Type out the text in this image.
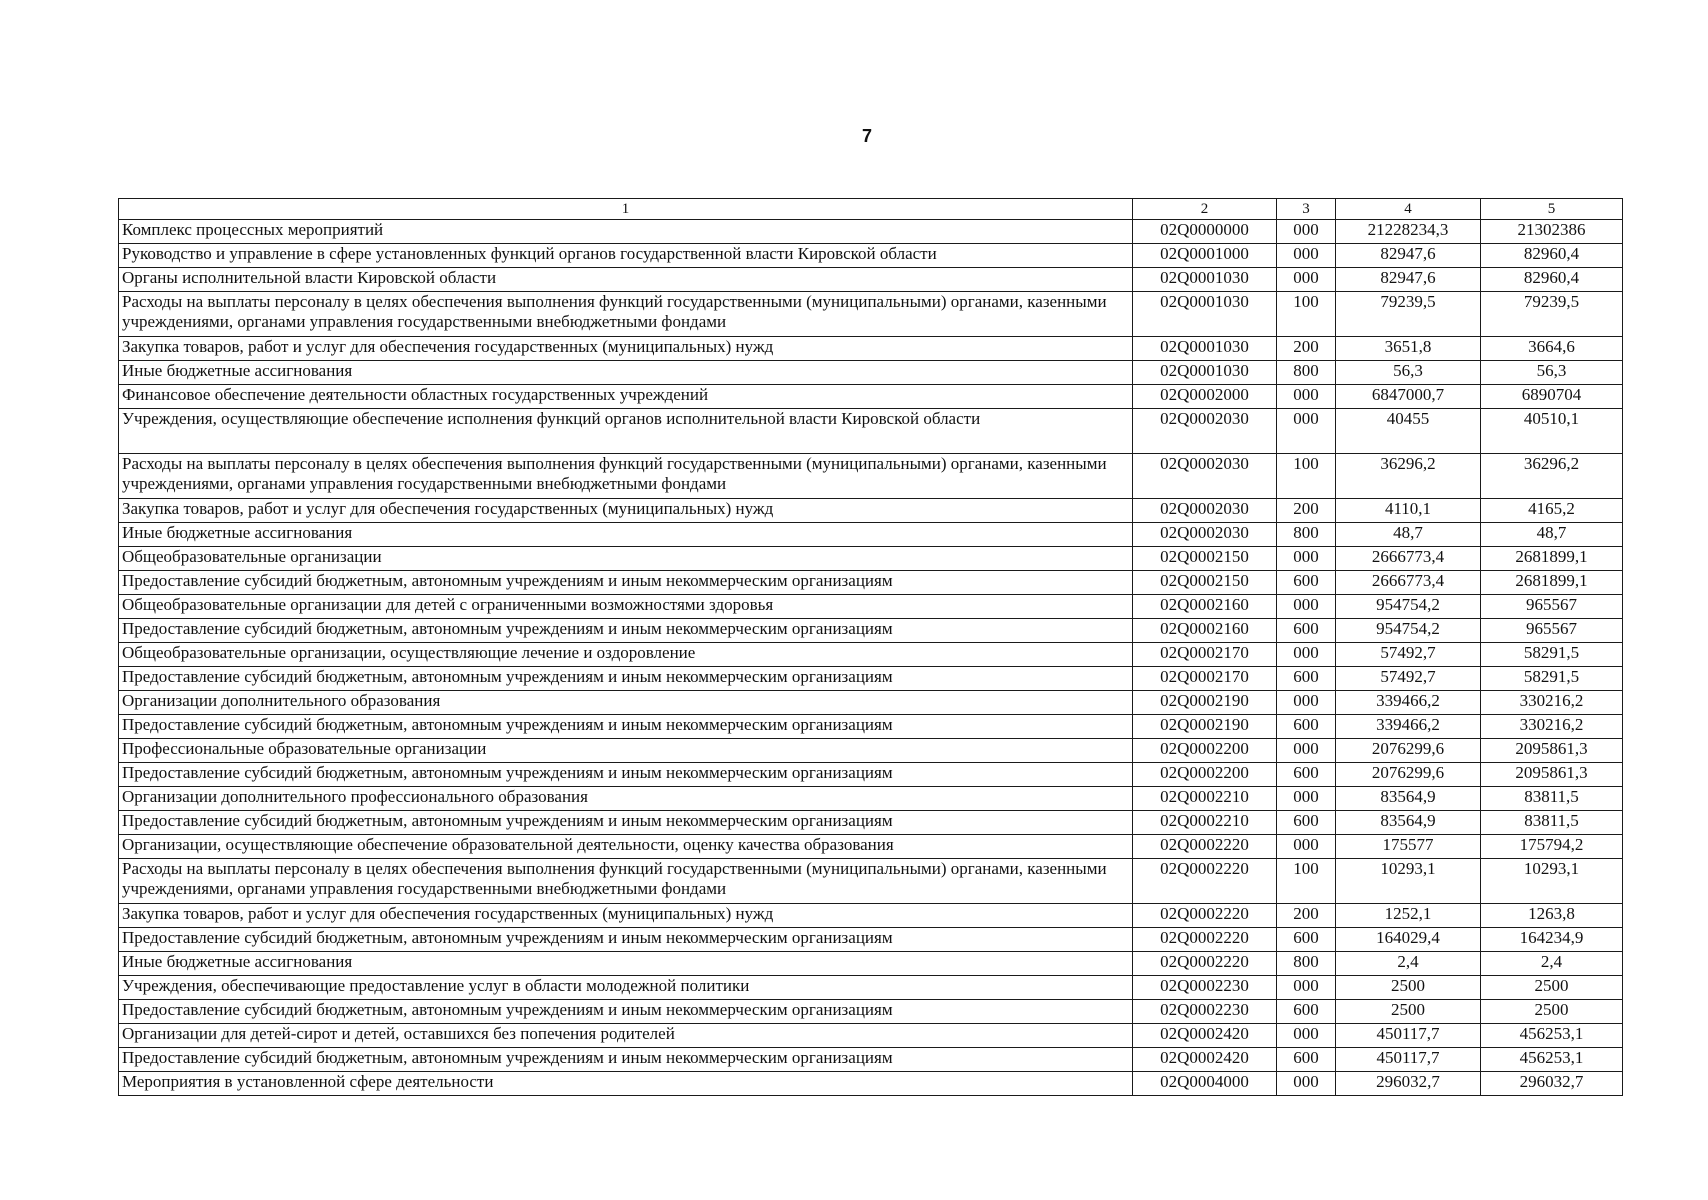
7
1	2	3	4	5
Комплекс процессных мероприятий	02Q0000000	000	21228234,3	21302386
Руководство и управление в сфере установленных функций органов государственной власти Кировской области	02Q0001000	000	82947,6	82960,4
Органы исполнительной власти Кировской области	02Q0001030	000	82947,6	82960,4
Расходы на выплаты персоналу в целях обеспечения выполнения функций государственными (муниципальными) органами, казенными учреждениями, органами управления государственными внебюджетными фондами	02Q0001030	100	79239,5	79239,5
Закупка товаров, работ и услуг для обеспечения государственных (муниципальных) нужд	02Q0001030	200	3651,8	3664,6
Иные бюджетные ассигнования	02Q0001030	800	56,3	56,3
Финансовое обеспечение деятельности областных государственных учреждений	02Q0002000	000	6847000,7	6890704
Учреждения, осуществляющие обеспечение исполнения функций органов исполнительной власти Кировской области	02Q0002030	000	40455	40510,1
Расходы на выплаты персоналу в целях обеспечения выполнения функций государственными (муниципальными) органами, казенными учреждениями, органами управления государственными внебюджетными фондами	02Q0002030	100	36296,2	36296,2
Закупка товаров, работ и услуг для обеспечения государственных (муниципальных) нужд	02Q0002030	200	4110,1	4165,2
Иные бюджетные ассигнования	02Q0002030	800	48,7	48,7
Общеобразовательные организации	02Q0002150	000	2666773,4	2681899,1
Предоставление субсидий бюджетным, автономным учреждениям и иным некоммерческим организациям	02Q0002150	600	2666773,4	2681899,1
Общеобразовательные организации для детей с ограниченными возможностями здоровья	02Q0002160	000	954754,2	965567
Предоставление субсидий бюджетным, автономным учреждениям и иным некоммерческим организациям	02Q0002160	600	954754,2	965567
Общеобразовательные организации, осуществляющие лечение и оздоровление	02Q0002170	000	57492,7	58291,5
Предоставление субсидий бюджетным, автономным учреждениям и иным некоммерческим организациям	02Q0002170	600	57492,7	58291,5
Организации дополнительного образования	02Q0002190	000	339466,2	330216,2
Предоставление субсидий бюджетным, автономным учреждениям и иным некоммерческим организациям	02Q0002190	600	339466,2	330216,2
Профессиональные образовательные организации	02Q0002200	000	2076299,6	2095861,3
Предоставление субсидий бюджетным, автономным учреждениям и иным некоммерческим организациям	02Q0002200	600	2076299,6	2095861,3
Организации дополнительного профессионального образования	02Q0002210	000	83564,9	83811,5
Предоставление субсидий бюджетным, автономным учреждениям и иным некоммерческим организациям	02Q0002210	600	83564,9	83811,5
Организации, осуществляющие обеспечение образовательной деятельности, оценку качества образования	02Q0002220	000	175577	175794,2
Расходы на выплаты персоналу в целях обеспечения выполнения функций государственными (муниципальными) органами, казенными учреждениями, органами управления государственными внебюджетными фондами	02Q0002220	100	10293,1	10293,1
Закупка товаров, работ и услуг для обеспечения государственных (муниципальных) нужд	02Q0002220	200	1252,1	1263,8
Предоставление субсидий бюджетным, автономным учреждениям и иным некоммерческим организациям	02Q0002220	600	164029,4	164234,9
Иные бюджетные ассигнования	02Q0002220	800	2,4	2,4
Учреждения, обеспечивающие предоставление услуг в области молодежной политики	02Q0002230	000	2500	2500
Предоставление субсидий бюджетным, автономным учреждениям и иным некоммерческим организациям	02Q0002230	600	2500	2500
Организации для детей-сирот и детей, оставшихся без попечения родителей	02Q0002420	000	450117,7	456253,1
Предоставление субсидий бюджетным, автономным учреждениям и иным некоммерческим организациям	02Q0002420	600	450117,7	456253,1
Мероприятия в установленной сфере деятельности	02Q0004000	000	296032,7	296032,7
